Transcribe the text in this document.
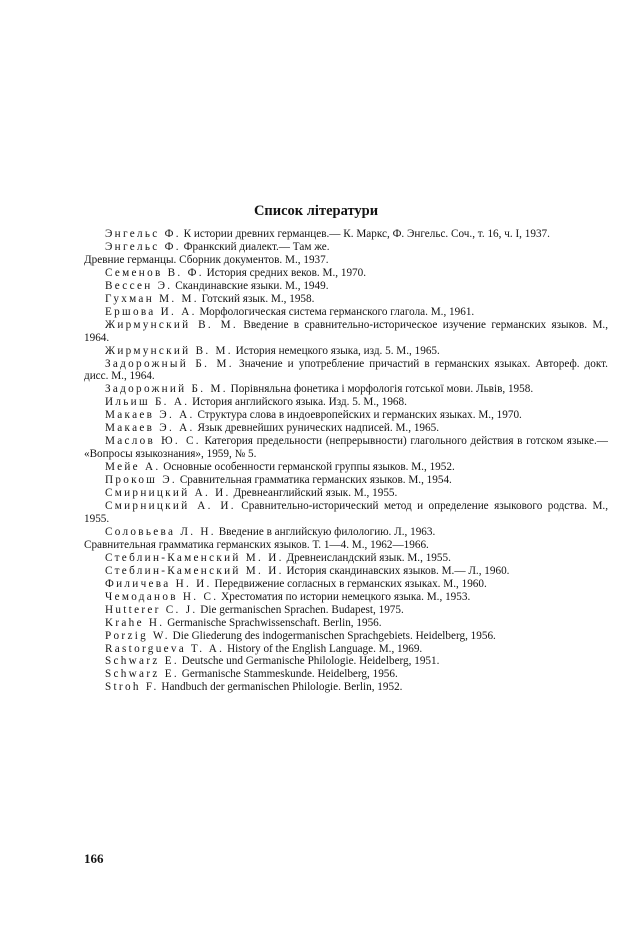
Список літератури

Энгельс Ф. К истории древних германцев.— К. Маркс, Ф. Энгельс. Соч., т. 16, ч. I, 1937.

Энгельс Ф. Франкский диалект.— Там же.

Древние германцы. Сборник документов. М., 1937.

Семенов В. Ф. История средних веков. М., 1970.

Вессен Э. Скандинавские языки. М., 1949.

Гухман М. М. Готский язык. М., 1958.

Ершова И. А. Морфологическая система германского глагола. М., 1961.

Жирмунский В. М. Введение в сравнительно-историческое изучение германских языков. М., 1964.

Жирмунский В. М. История немецкого языка, изд. 5. М., 1965.

Задорожный Б. М. Значение и употребление причастий в германских языках. Автореф. докт. дисс. М., 1964.

Задорожний Б. М. Порівняльна фонетика і морфологія готської мови. Львів, 1958.

Ильиш Б. А. История английского языка. Изд. 5. М., 1968.

Макаев Э. А. Структура слова в индоевропейских и германских языках. М., 1970.

Макаев Э. А. Язык древнейших рунических надписей. М., 1965.

Маслов Ю. С. Категория предельности (непрерывности) глагольного действия в готском языке.— «Вопросы языкознания», 1959, № 5.

Мейе А. Основные особенности германской группы языков. М., 1952.

Прокош Э. Сравнительная грамматика германских языков. М., 1954.

Смирницкий А. И. Древнеанглийский язык. М., 1955.

Смирницкий А. И. Сравнительно-исторический метод и определение языкового родства. М., 1955.

Соловьева Л. Н. Введение в английскую филологию. Л., 1963.

Сравнительная грамматика германских языков. Т. 1—4. М., 1962—1966.

Стеблин-Каменский М. И. Древнеисландский язык. М., 1955.

Стеблин-Каменский М. И. История скандинавских языков. М.— Л., 1960.

Филичева Н. И. Передвижение согласных в германских языках. М., 1960.

Чемоданов Н. С. Хрестоматия по истории немецкого языка. М., 1953.

Hutterer C. J. Die germanischen Sprachen. Budapest, 1975.

Krahe H. Germanische Sprachwissenschaft. Berlin, 1956.

Porzig W. Die Gliederung des indogermanischen Sprachgebiets. Heidelberg, 1956.

Rastorgueva T. A. History of the English Language. M., 1969.

Schwarz E. Deutsche und Germanische Philologie. Heidelberg, 1951.

Schwarz E. Germanische Stammeskunde. Heidelberg, 1956.

Stroh F. Handbuch der germanischen Philologie. Berlin, 1952.

166
